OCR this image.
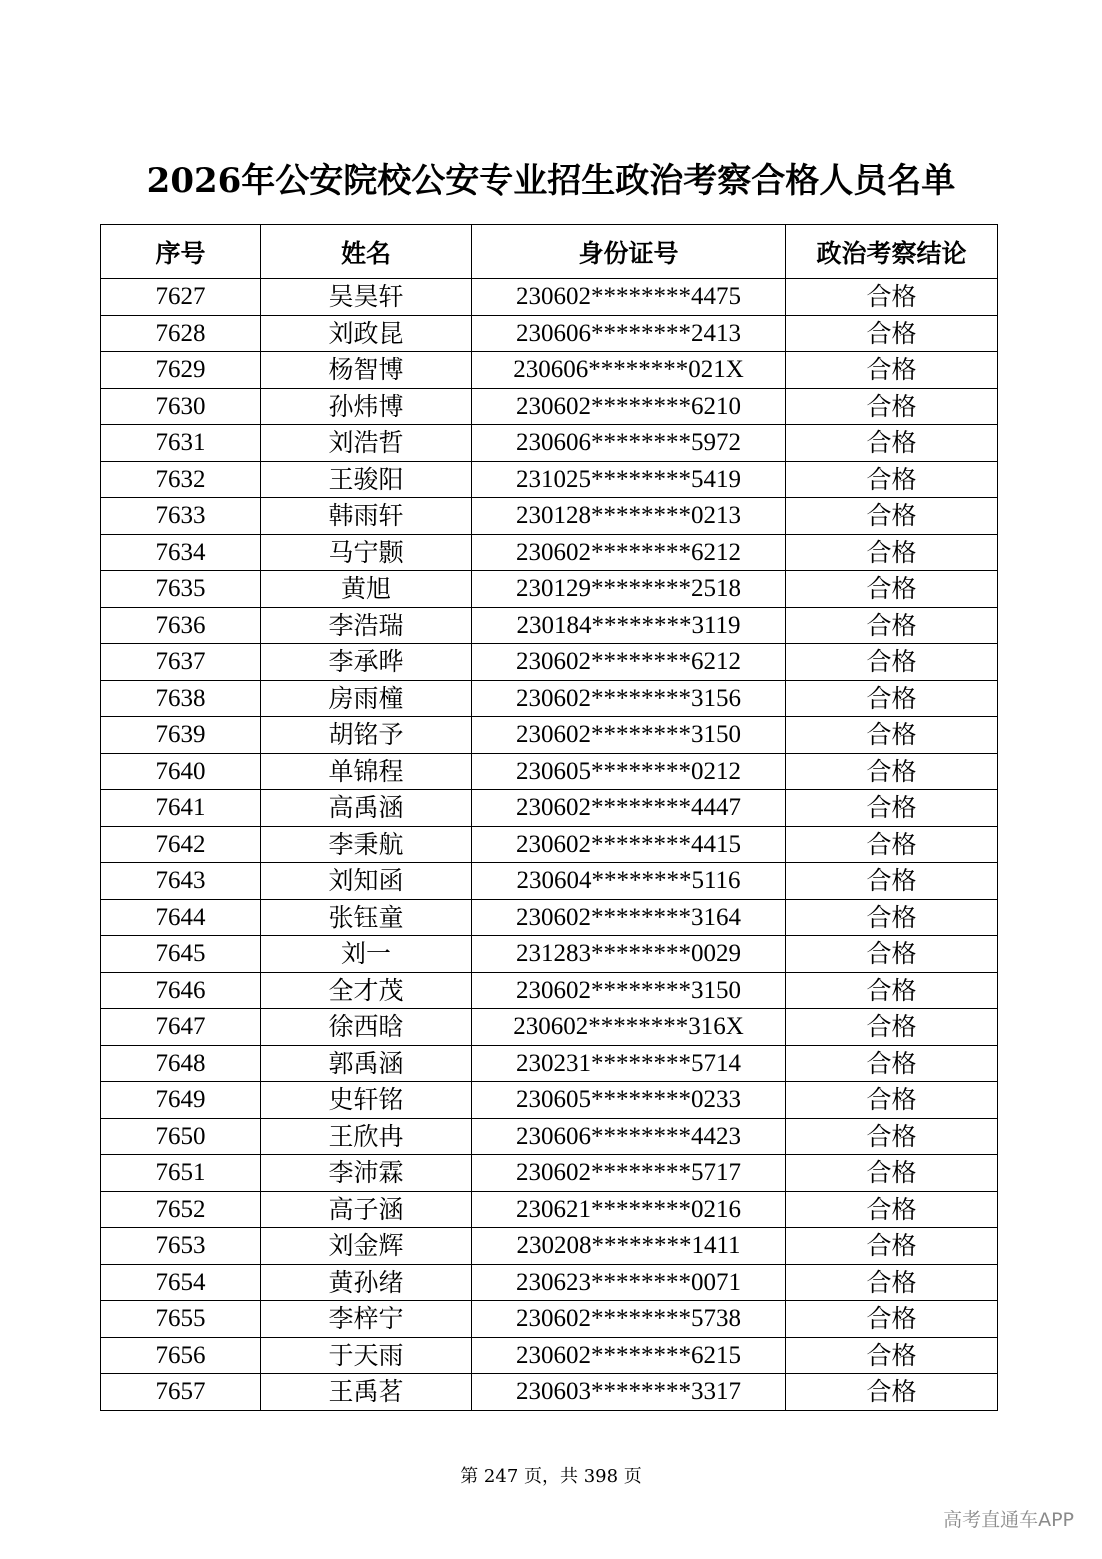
2026年公安院校公安专业招生政治考察合格人员名单
序号	姓名	身份证号	政治考察结论
7627	吴昊轩	230602********4475	合格
7628	刘政昆	230606********2413	合格
7629	杨智博	230606********021X	合格
7630	孙炜博	230602********6210	合格
7631	刘浩哲	230606********5972	合格
7632	王骏阳	231025********5419	合格
7633	韩雨轩	230128********0213	合格
7634	马宁颢	230602********6212	合格
7635	黄旭	230129********2518	合格
7636	李浩瑞	230184********3119	合格
7637	李承晔	230602********6212	合格
7638	房雨橦	230602********3156	合格
7639	胡铭予	230602********3150	合格
7640	单锦程	230605********0212	合格
7641	高禹涵	230602********4447	合格
7642	李秉航	230602********4415	合格
7643	刘知函	230604********5116	合格
7644	张钰童	230602********3164	合格
7645	刘一	231283********0029	合格
7646	全才茂	230602********3150	合格
7647	徐西晗	230602********316X	合格
7648	郭禹涵	230231********5714	合格
7649	史轩铭	230605********0233	合格
7650	王欣冉	230606********4423	合格
7651	李沛霖	230602********5717	合格
7652	高子涵	230621********0216	合格
7653	刘金辉	230208********1411	合格
7654	黄孙绪	230623********0071	合格
7655	李梓宁	230602********5738	合格
7656	于天雨	230602********6215	合格
7657	王禹茗	230603********3317	合格
第 247 页，共 398 页
高考直通车APP
